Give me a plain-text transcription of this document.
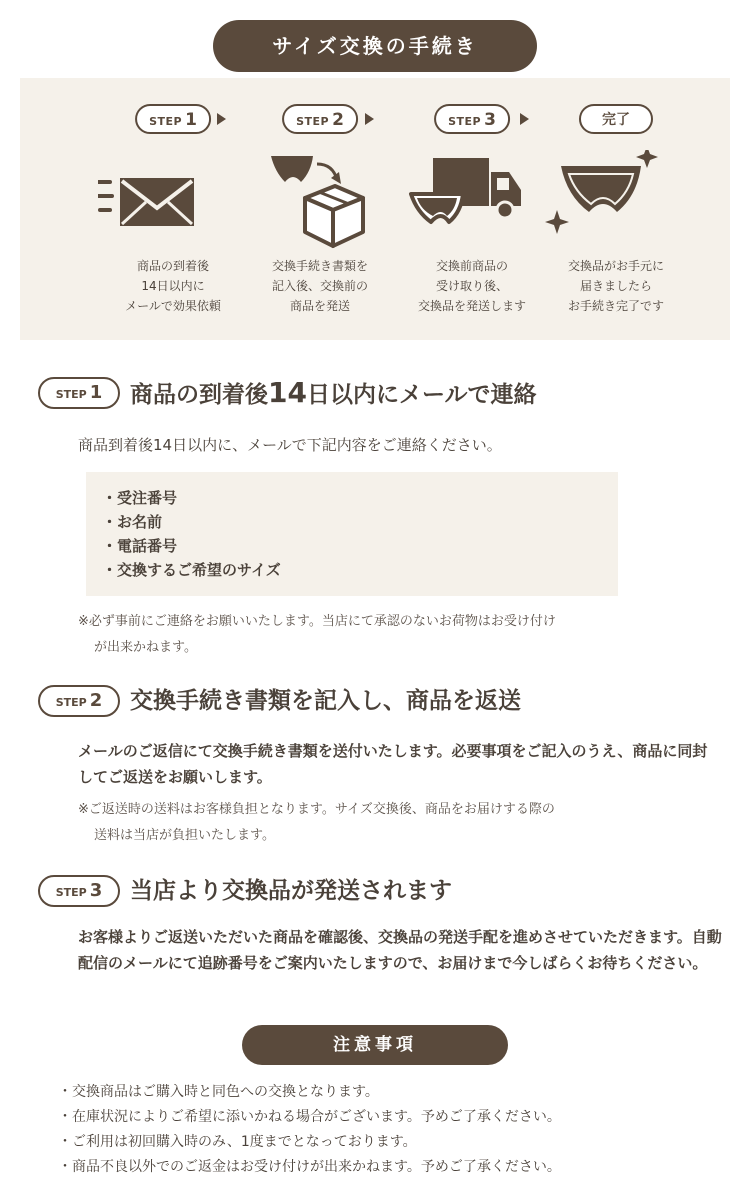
サイズ交換の手続き
STEP 1
商品の到着後
14日以内に
メールで効果依頼
STEP 2
交換手続き書類を
記入後、交換前の
商品を発送
STEP 3
交換前商品の
受け取り後、
交換品を発送します
完了
交換品がお手元に
届きましたら
お手続き完了です
STEP 1	商品の到着後14日以内にメールで連絡
商品到着後14日以内に、メールで下記内容をご連絡ください。
・受注番号
・お名前
・電話番号
・交換するご希望のサイズ
※必ず事前にご連絡をお願いいたします。当店にて承認のないお荷物はお受け付け
が出来かねます。
STEP 2	交換手続き書類を記入し、商品を返送
メールのご返信にて交換手続き書類を送付いたします。必要事項をご記入のうえ、商品に同封してご返送をお願いします。
※ご返送時の送料はお客様負担となります。サイズ交換後、商品をお届けする際の
送料は当店が負担いたします。
STEP 3	当店より交換品が発送されます
お客様よりご返送いただいた商品を確認後、交換品の発送手配を進めさせていただきます。自動配信のメールにて追跡番号をご案内いたしますので、お届けまで今しばらくお待ちください。
注意事項
・交換商品はご購入時と同色への交換となります。
・在庫状況によりご希望に添いかねる場合がございます。予めご了承ください。
・ご利用は初回購入時のみ、1度までとなっております。
・商品不良以外でのご返金はお受け付けが出来かねます。予めご了承ください。
